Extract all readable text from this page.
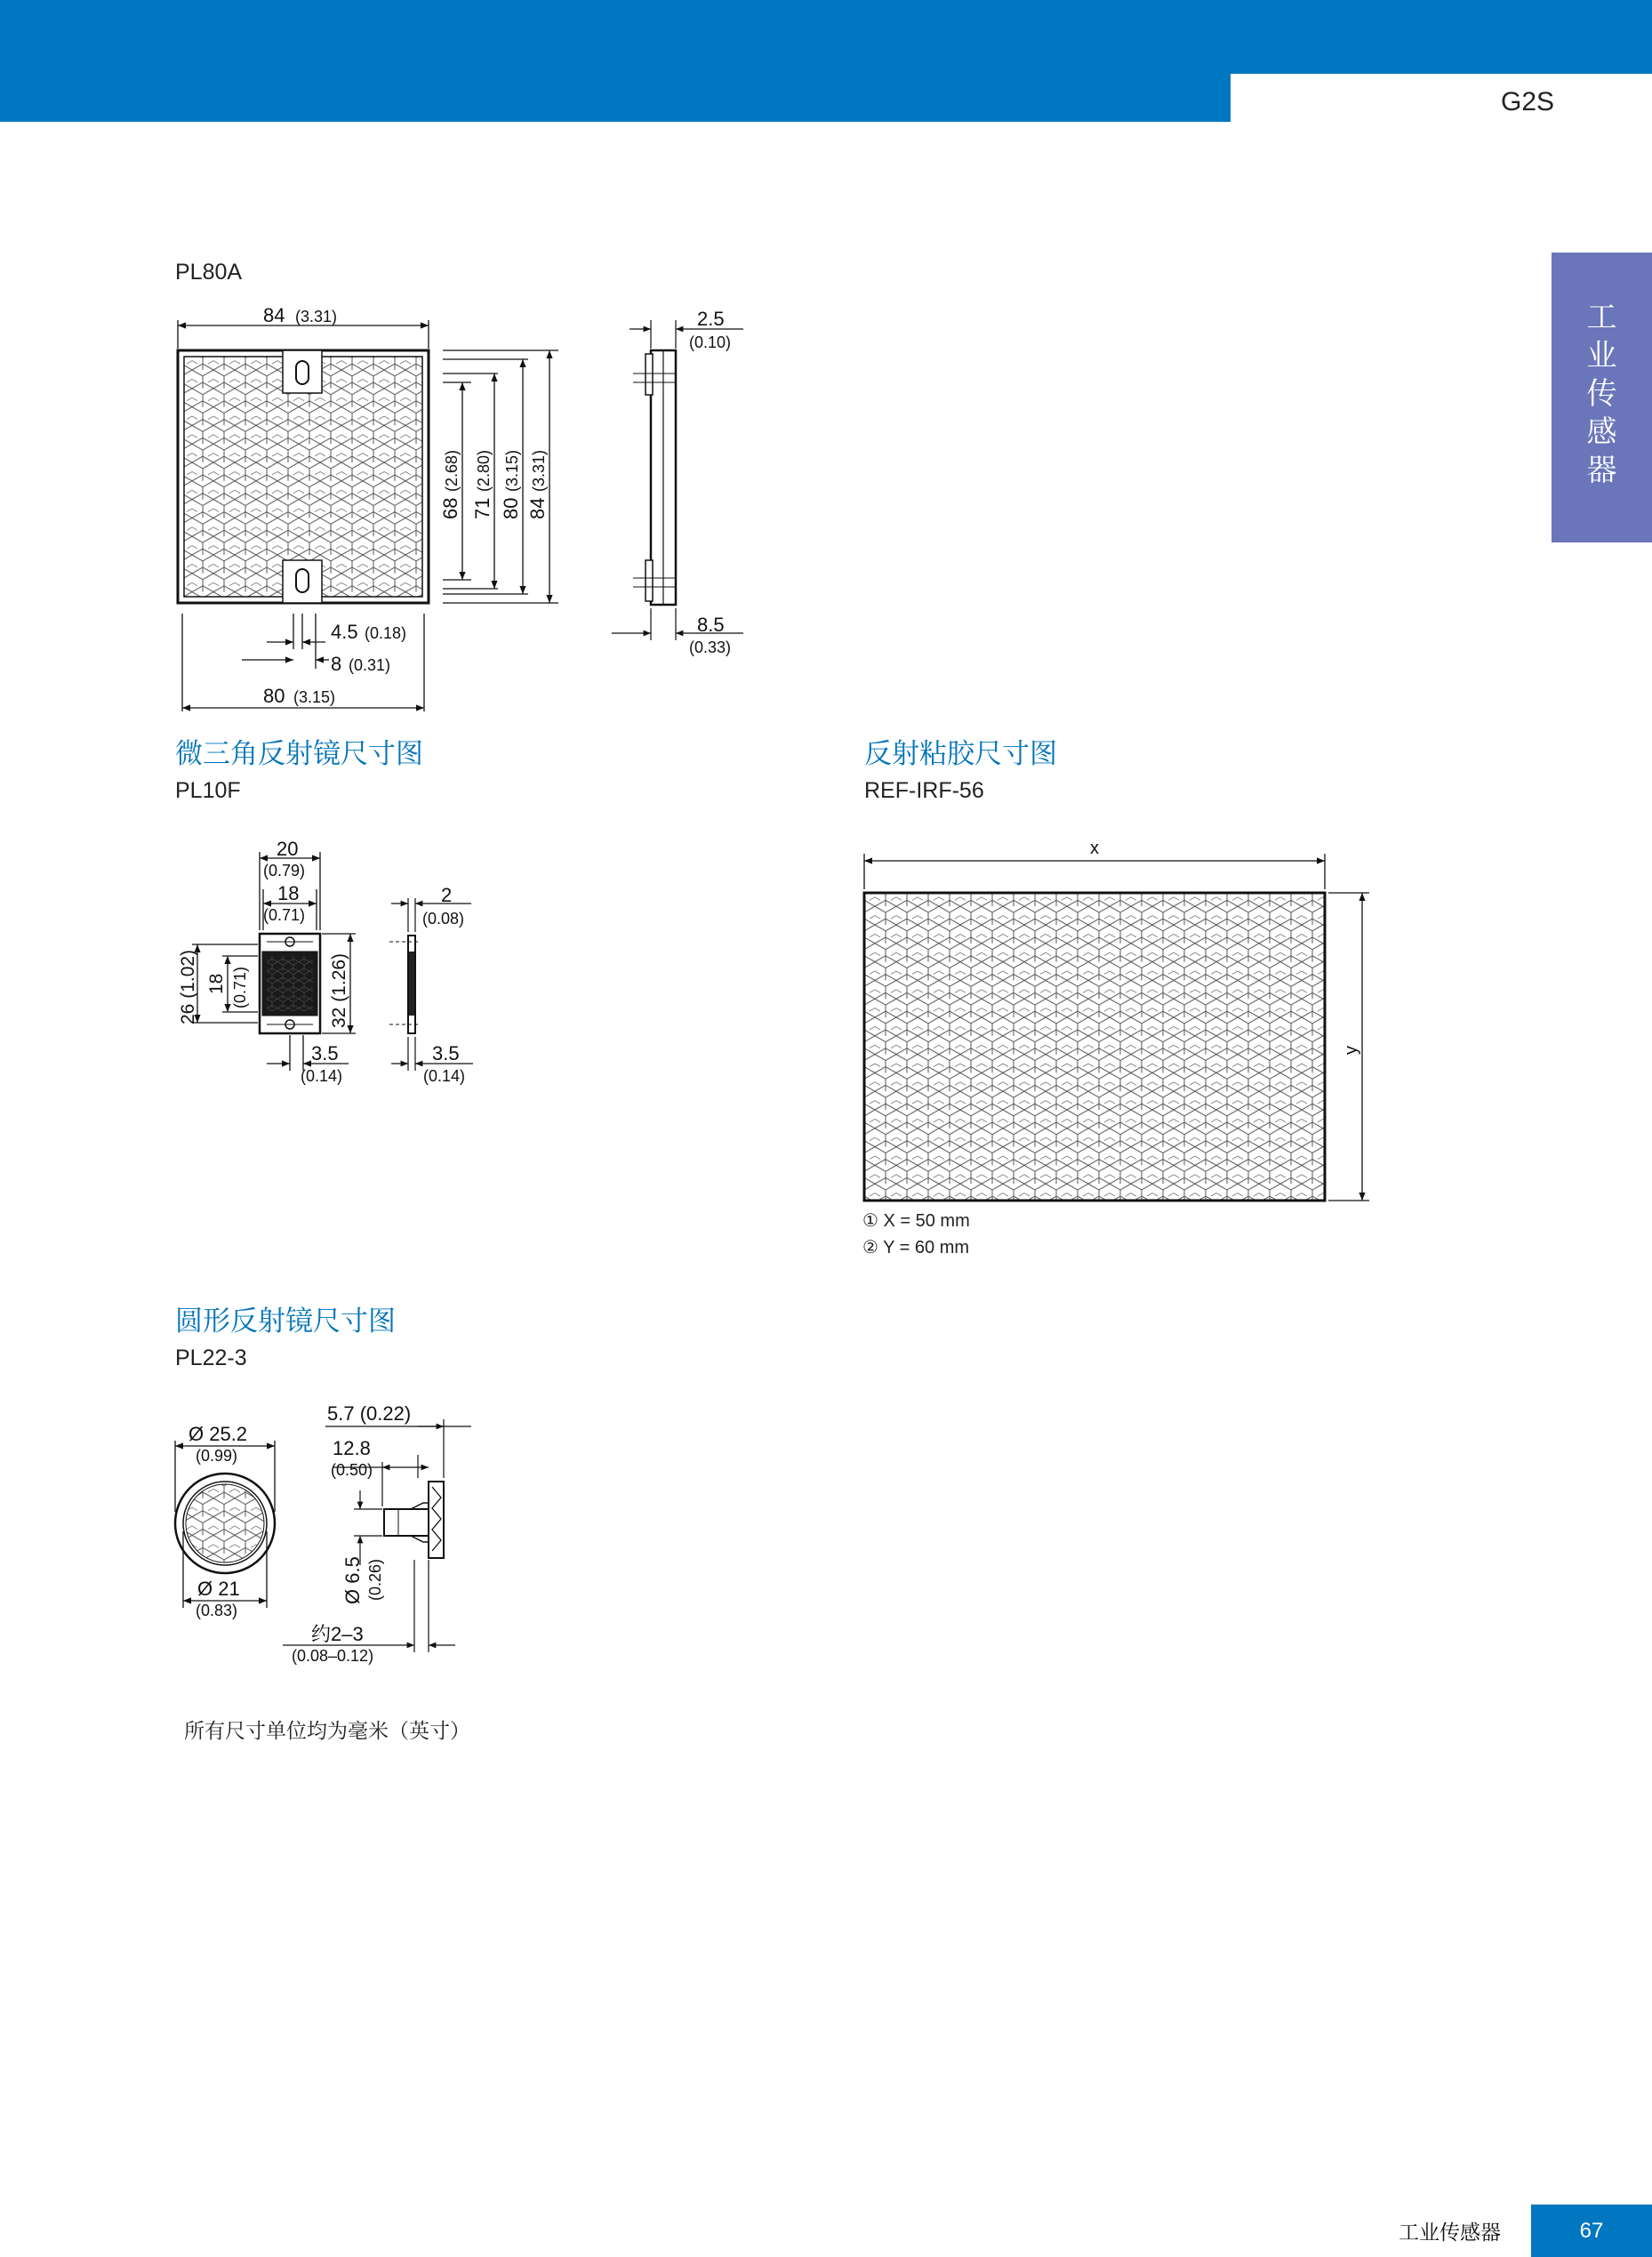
G2S
工
业
传
感
器
PL80A
84 (3.31)
68
(2.68)
71
(2.80)
80
(3.15)
84
(3.31)
4.5 (0.18)
8 (0.31)
80 (3.15)
2.5
(0.10)
8.5
(0.33)
20
(0.79)
18
(0.71)
26 (1.02) 18 (0.71)	32 (1.26)
3.5
(0.14)
2
(0.08)
3.5
(0.14)
x
y
Ø 25.2
(0.99)
Ø 21
(0.83)
5.7 (0.22)
12.8
(0.50)
Ø 6.5 (0.26)
约2–3
(0.08–0.12)
微三角反射镜尺寸图
PL10F
反射粘胶尺寸图
REF-IRF-56
① X = 50 mm
② Y = 60 mm
圆形反射镜尺寸图
PL22-3
所有尺寸单位均为毫米（英寸）
工业传感器	67
